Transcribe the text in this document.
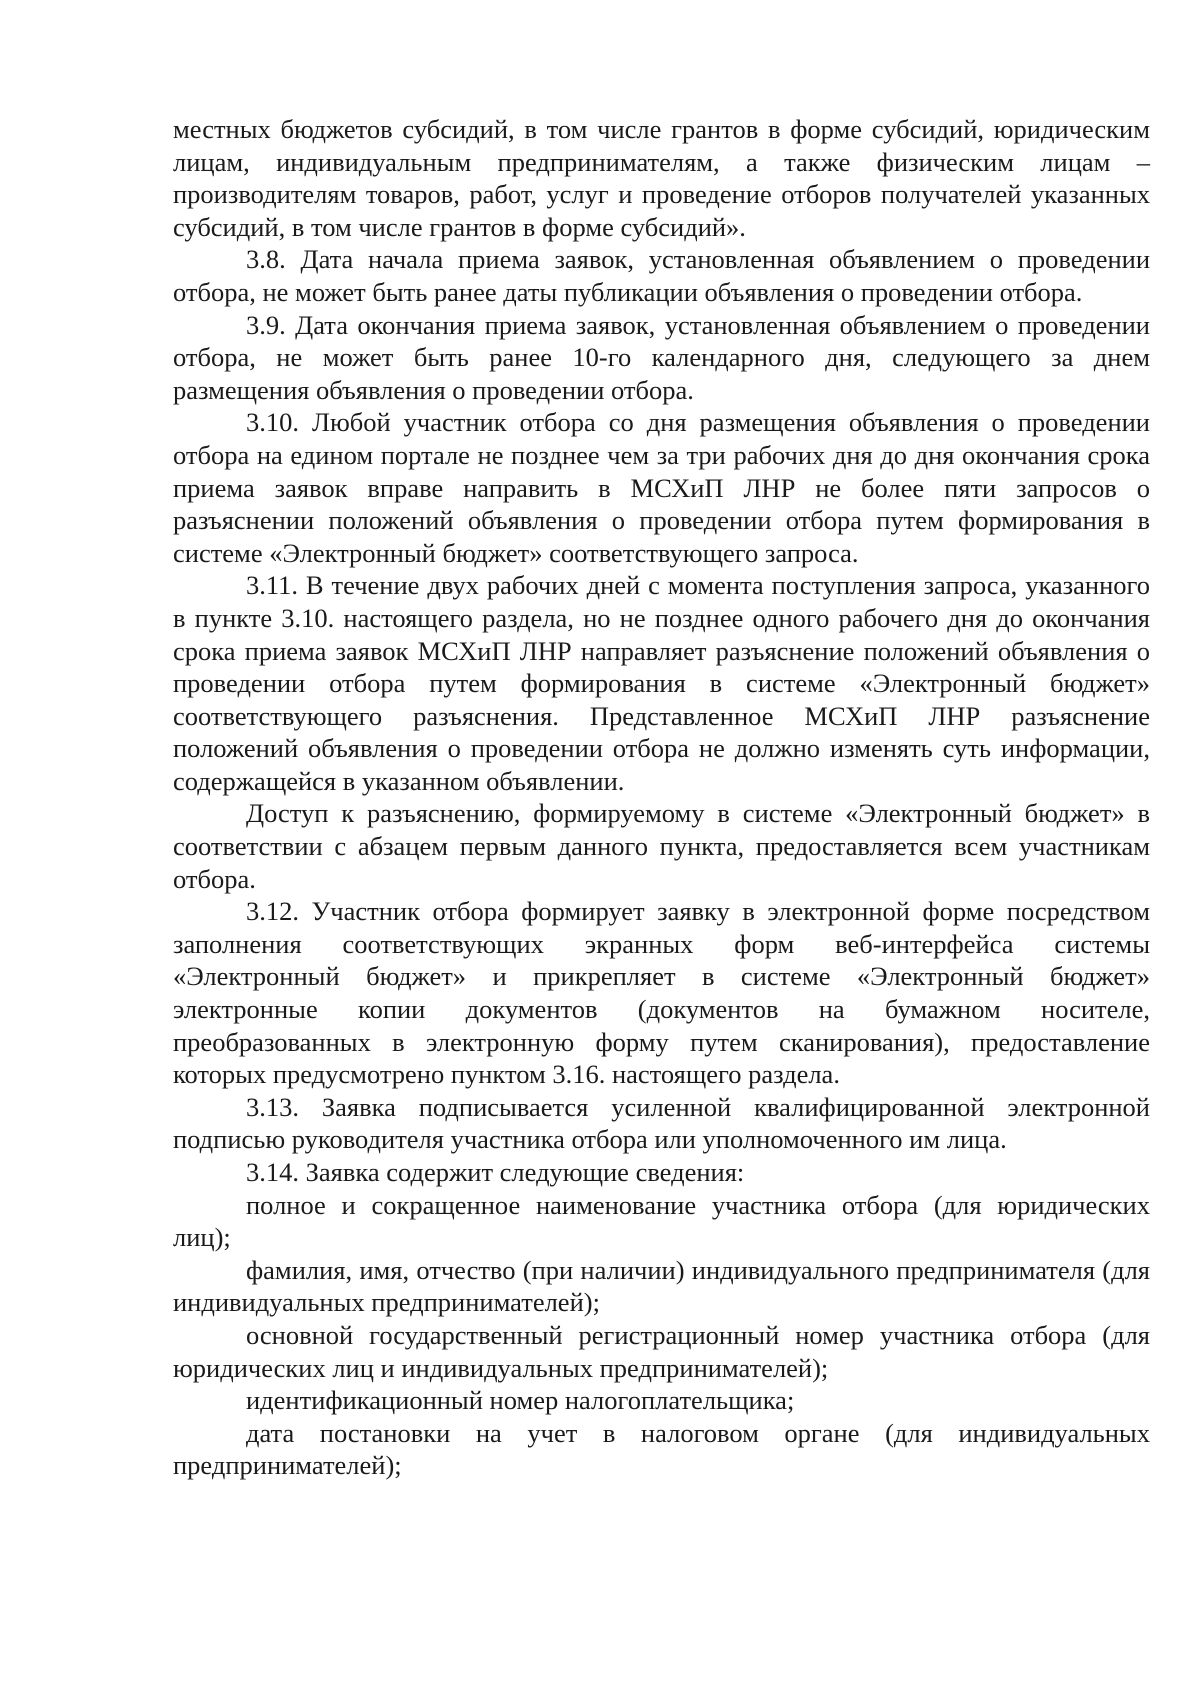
местных бюджетов субсидий, в том числе грантов в форме субсидий, юридическим лицам, индивидуальным предпринимателям, а также физическим лицам – производителям товаров, работ, услуг и проведение отборов получателей указанных субсидий, в том числе грантов в форме субсидий».

3.8. Дата начала приема заявок, установленная объявлением о проведении отбора, не может быть ранее даты публикации объявления о проведении отбора.

3.9. Дата окончания приема заявок, установленная объявлением о проведении отбора, не может быть ранее 10-го календарного дня, следующего за днем размещения объявления о проведении отбора.

3.10. Любой участник отбора со дня размещения объявления о проведении отбора на едином портале не позднее чем за три рабочих дня до дня окончания срока приема заявок вправе направить в МСХиП ЛНР не более пяти запросов о разъяснении положений объявления о проведении отбора путем формирования в системе «Электронный бюджет» соответствующего запроса.

3.11. В течение двух рабочих дней с момента поступления запроса, указанного в пункте 3.10. настоящего раздела, но не позднее одного рабочего дня до окончания срока приема заявок МСХиП ЛНР направляет разъяснение положений объявления о проведении отбора путем формирования в системе «Электронный бюджет» соответствующего разъяснения. Представленное МСХиП ЛНР разъяснение положений объявления о проведении отбора не должно изменять суть информации, содержащейся в указанном объявлении.

Доступ к разъяснению, формируемому в системе «Электронный бюджет» в соответствии с абзацем первым данного пункта, предоставляется всем участникам отбора.

3.12. Участник отбора формирует заявку в электронной форме посредством заполнения соответствующих экранных форм веб-интерфейса системы «Электронный бюджет» и прикрепляет в системе «Электронный бюджет» электронные копии документов (документов на бумажном носителе, преобразованных в электронную форму путем сканирования), предоставление которых предусмотрено пунктом 3.16. настоящего раздела.

3.13. Заявка подписывается усиленной квалифицированной электронной подписью руководителя участника отбора или уполномоченного им лица.

3.14. Заявка содержит следующие сведения:

полное и сокращенное наименование участника отбора (для юридических лиц);

фамилия, имя, отчество (при наличии) индивидуального предпринимателя (для индивидуальных предпринимателей);

основной государственный регистрационный номер участника отбора (для юридических лиц и индивидуальных предпринимателей);

идентификационный номер налогоплательщика;

дата постановки на учет в налоговом органе (для индивидуальных предпринимателей);
